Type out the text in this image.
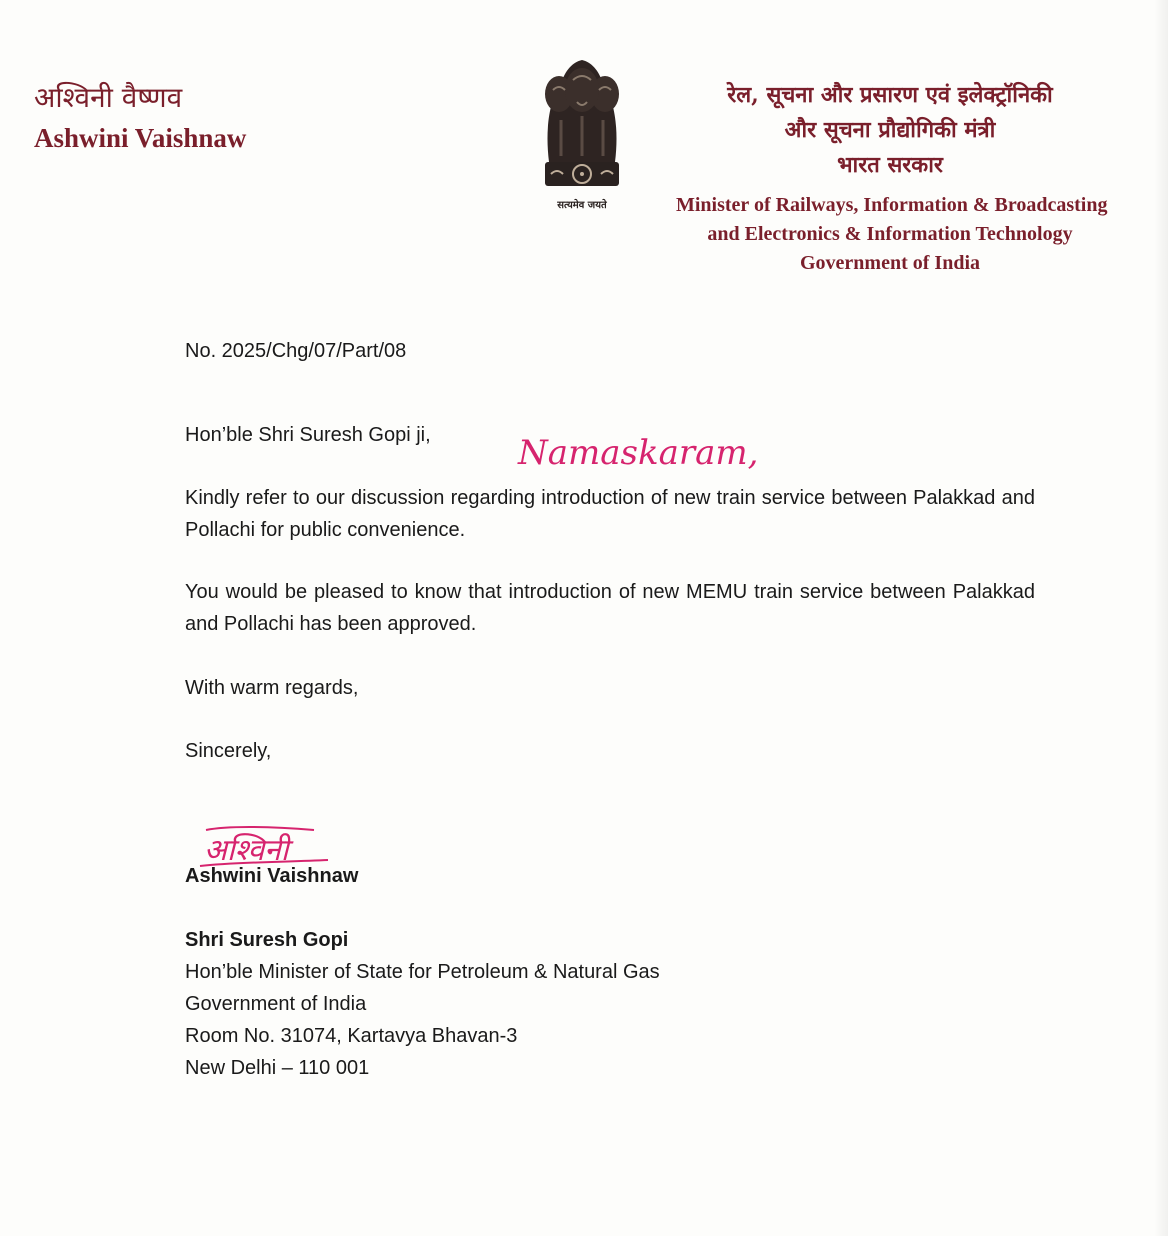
अश्विनी वैष्णव
Ashwini Vaishnaw
सत्यमेव जयते
रेल, सूचना और प्रसारण एवं इलेक्ट्रॉनिकी
और सूचना प्रौद्योगिकी मंत्री
भारत सरकार
Minister of Railways, Information & Broadcasting
and Electronics & Information Technology
Government of India
No. 2025/Chg/07/Part/08
Hon’ble Shri Suresh Gopi ji,	Namaskaram,
Kindly refer to our discussion regarding introduction of new train service between Palakkad and Pollachi for public convenience.
You would be pleased to know that introduction of new MEMU train service between Palakkad and Pollachi has been approved.
With warm regards,
Sincerely,
अश्विनी
Ashwini Vaishnaw
Shri Suresh Gopi
Hon’ble Minister of State for Petroleum & Natural Gas
Government of India
Room No. 31074, Kartavya Bhavan-3
New Delhi – 110 001
